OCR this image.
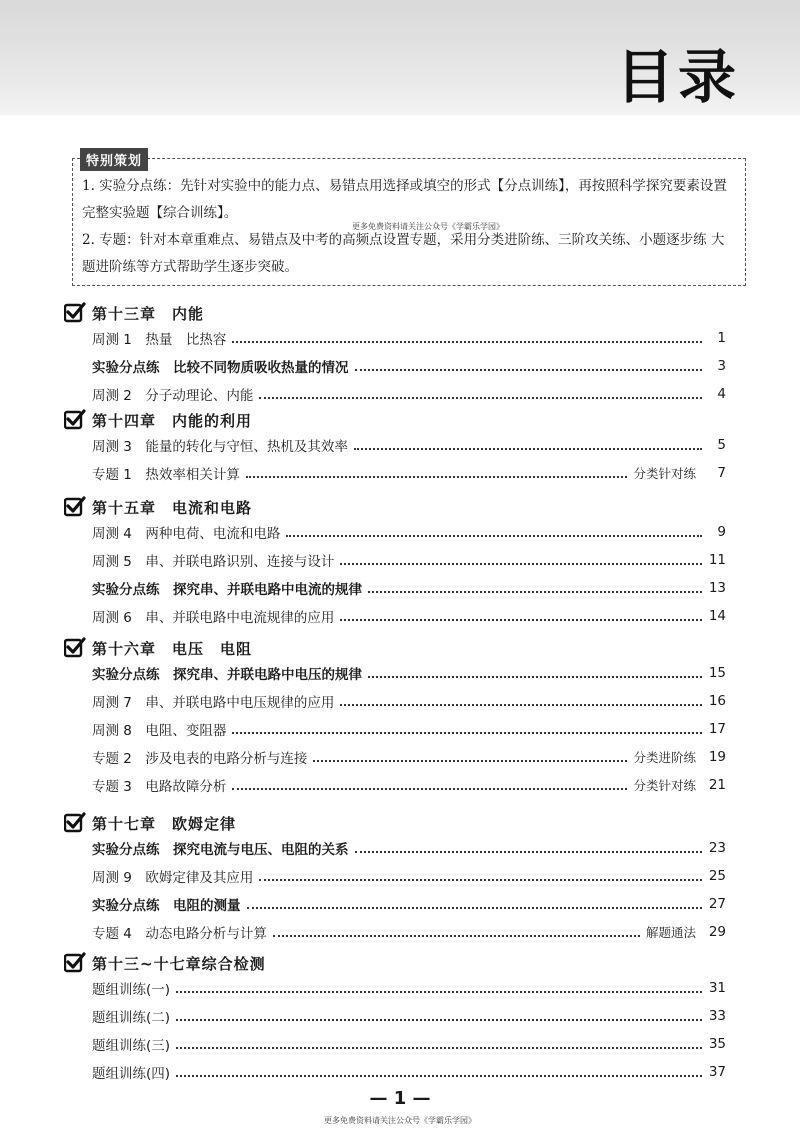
目录
特别策划
1. 实验分点练：先针对实验中的能力点、易错点用选择或填空的形式【分点训练】，再按照科学探究要素设置完整实验题【综合训练】。
2. 专题：针对本章重难点、易错点及中考的高频点设置专题，采用分类进阶练、三阶攻关练、小题逐步练 大题进阶练等方式帮助学生逐步突破。
更多免费资料请关注公众号《学霸乐学园》
第十三章　内能
周测 1　热量　比热容	1
实验分点练　比较不同物质吸收热量的情况	3
周测 2　分子动理论、内能	4
第十四章　内能的利用
周测 3　能量的转化与守恒、热机及其效率	5
专题 1　热效率相关计算	分类针对练	7
第十五章　电流和电路
周测 4　两种电荷、电流和电路	9
周测 5　串、并联电路识别、连接与设计	11
实验分点练　探究串、并联电路中电流的规律	13
周测 6　串、并联电路中电流规律的应用	14
第十六章　电压　电阻
实验分点练　探究串、并联电路中电压的规律	15
周测 7　串、并联电路中电压规律的应用	16
周测 8　电阻、变阻器	17
专题 2　涉及电表的电路分析与连接	分类进阶练 19
专题 3　电路故障分析	分类针对练 21
第十七章　欧姆定律
实验分点练　探究电流与电压、电阻的关系	23
周测 9　欧姆定律及其应用	25
实验分点练　电阻的测量	27
专题 4　动态电路分析与计算	解题通法 29
第十三~十七章综合检测
题组训练(一)	31
题组训练(二)	33
题组训练(三)	35
题组训练(四)	37
— 1 —
更多免费资料请关注公众号《学霸乐学园》
